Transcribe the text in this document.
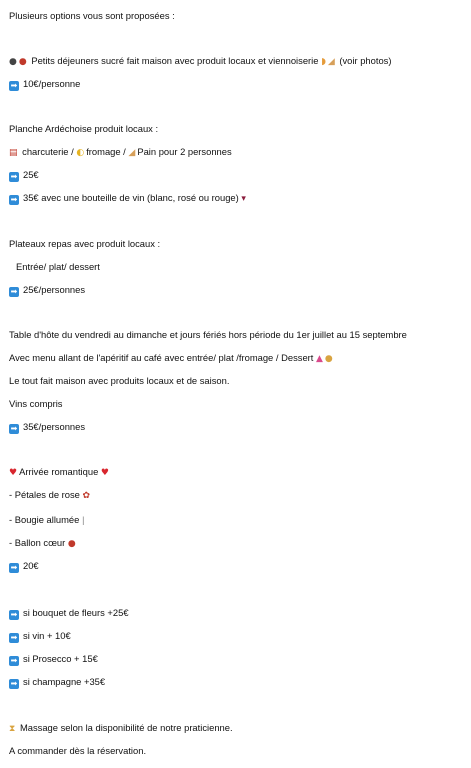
Plusieurs options vous sont proposées :
● ● Petits déjeuners sucré fait maison avec produit locaux et viennoiserie ◗ ◢ (voir photos)
➡ 10€/personne
Planche Ardéchoise produit locaux :
▤ charcuterie / ◐ fromage / ◢ Pain pour 2 personnes
➡ 25€
➡ 35€ avec une bouteille de vin (blanc, rosé ou rouge) ▾
Plateaux repas avec produit locaux :
Entrée/ plat/ dessert
➡ 25€/personnes
Table d'hôte du vendredi au dimanche et jours fériés hors période du 1er juillet au 15 septembre
Avec menu allant de l'apéritif au café avec entrée/ plat /fromage / Dessert ▲ ●
Le tout fait maison avec produits locaux et de saison.
Vins compris
➡ 35€/personnes
♥ Arrivée romantique ♥
- Pétales de rose ✿
- Bougie allumée ǀ
- Ballon cœur ●
➡ 20€
➡ si bouquet de fleurs +25€
➡ si vin + 10€
➡ si Prosecco + 15€
➡ si champagne +35€
⧗ Massage selon la disponibilité de notre praticienne.
A commander dès la réservation.
